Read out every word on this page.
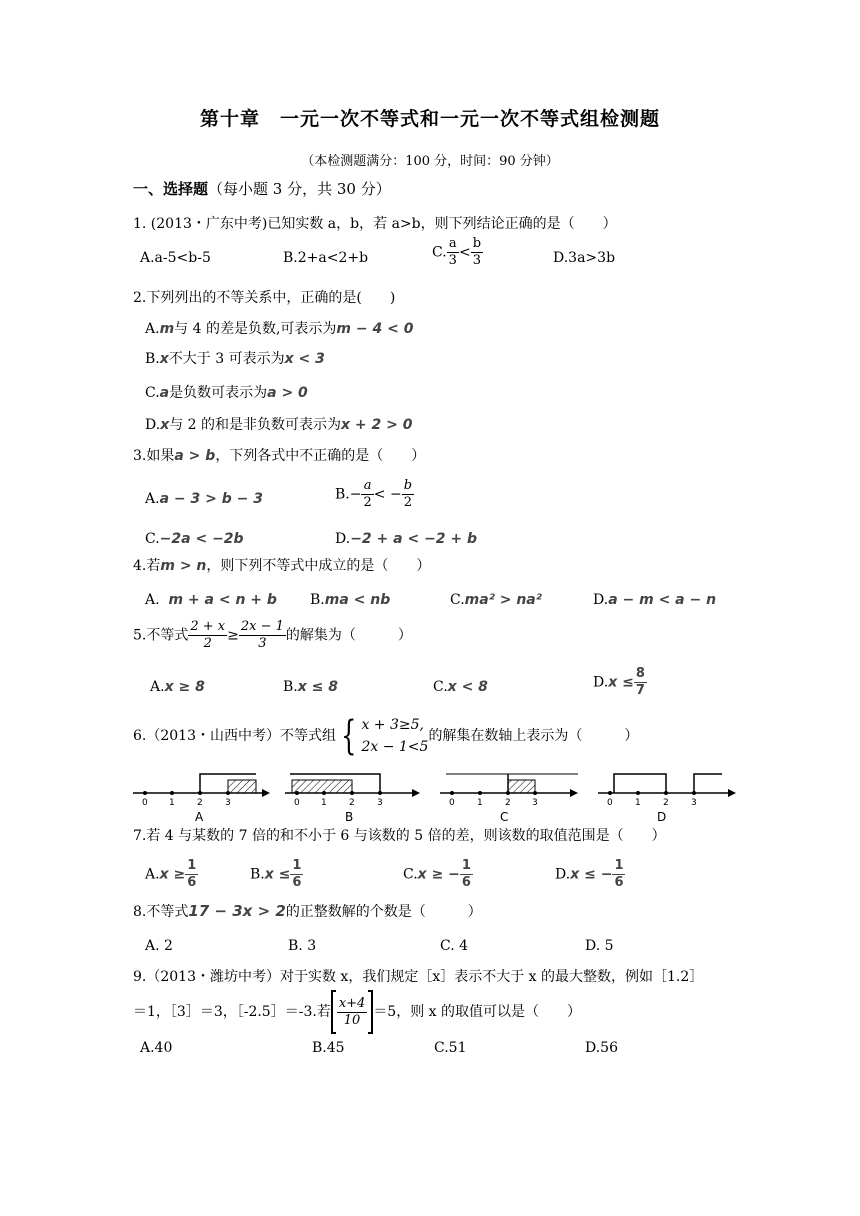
第十章　一元一次不等式和一元一次不等式组检测题
（本检测题满分：100 分，时间：90 分钟）
一、选择题（每小题 3 分，共 30 分）
1. (2013・广东中考)已知实数 a，b，若 a>b，则下列结论正确的是（　　）
A.a-5<b-5	B.2+a<2+b	C. $\frac{a}{3} < \frac{b}{3}$	D.3a>3b
2.下列列出的不等关系中，正确的是(　　)
A.m与 4 的差是负数,可表示为m − 4 < 0
B.x不大于 3 可表示为x < 3
C.a是负数可表示为a > 0
D.x与 2 的和是非负数可表示为x + 2 > 0
3.如果a > b，下列各式中不正确的是（　　）
A.a − 3 > b − 3	$B.- \frac{a}{2}$ < − $\frac{b}{2}$
C.−2a < −2b	D.−2 + a < −2 + b
4.若m > n，则下列不等式中成立的是（　　）
A. m + a < n + b B.ma < nb	C.ma² > na²	D.a − m < a − n
5.不等式 $\frac{2 + x}{2} \ge \frac{2x - 1}{3}$ 的解集为（　　　）
A.x ≥ 8	B.x ≤ 8	C.x < 8	$D.x \le \frac{8}{7}$
6.（2013・山西中考）不等式组 { x + 3≥5,
2x − 1<5
的解集在数轴上表示为（　　　）
0 1 2 3
A
0 1 2 3
B
0 1 2 3
C
0 1 2 3
D
7.若 4 与某数的 7 倍的和不小于 6 与该数的 5 倍的差，则该数的取值范围是（　　）
$A.x \ge \frac{1}{6}$	$B.x \le \frac{1}{6}$	C.x ≥ − $\frac{1}{6}$	D.x ≤ − $\frac{1}{6}$
8.不等式17 − 3x > 2的正整数解的个数是（　　　）
A. 2	B. 3	C. 4	D. 5
9.（2013・潍坊中考）对于实数 x，我们规定［x］表示不大于 x 的最大整数，例如［1.2］
＝1，［3］＝3，［-2.5］＝-3.若 $\frac{x+4}{10} =5$，则 x 的取值可以是（　　）
A.40	B.45	C.51	D.56
